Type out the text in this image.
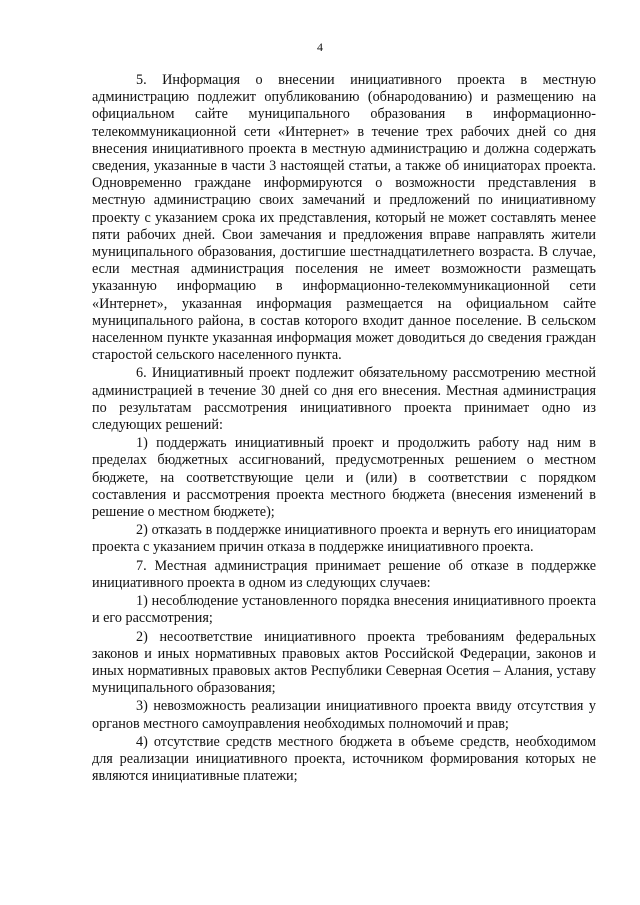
4

5. Информация о внесении инициативного проекта в местную администрацию подлежит опубликованию (обнародованию) и размещению на официальном сайте муниципального образования в информационно-телекоммуникационной сети «Интернет» в течение трех рабочих дней со дня внесения инициативного проекта в местную администрацию и должна содержать сведения, указанные в части 3 настоящей статьи, а также об инициаторах проекта. Одновременно граждане информируются о возможности представления в местную администрацию своих замечаний и предложений по инициативному проекту с указанием срока их представления, который не может составлять менее пяти рабочих дней. Свои замечания и предложения вправе направлять жители муниципального образования, достигшие шестнадцатилетнего возраста. В случае, если местная администрация поселения не имеет возможности размещать указанную информацию в информационно-телекоммуникационной сети «Интернет», указанная информация размещается на официальном сайте муниципального района, в состав которого входит данное поселение. В сельском населенном пункте указанная информация может доводиться до сведения граждан старостой сельского населенного пункта.

6. Инициативный проект подлежит обязательному рассмотрению местной администрацией в течение 30 дней со дня его внесения. Местная администрация по результатам рассмотрения инициативного проекта принимает одно из следующих решений:

1) поддержать инициативный проект и продолжить работу над ним в пределах бюджетных ассигнований, предусмотренных решением о местном бюджете, на соответствующие цели и (или) в соответствии с порядком составления и рассмотрения проекта местного бюджета (внесения изменений в решение о местном бюджете);

2) отказать в поддержке инициативного проекта и вернуть его инициаторам проекта с указанием причин отказа в поддержке инициативного проекта.

7. Местная администрация принимает решение об отказе в поддержке инициативного проекта в одном из следующих случаев:

1) несоблюдение установленного порядка внесения инициативного проекта и его рассмотрения;

2) несоответствие инициативного проекта требованиям федеральных законов и иных нормативных правовых актов Российской Федерации, законов и иных нормативных правовых актов Республики Северная Осетия – Алания, уставу муниципального образования;

3) невозможность реализации инициативного проекта ввиду отсутствия у органов местного самоуправления необходимых полномочий и прав;

4) отсутствие средств местного бюджета в объеме средств, необходимом для реализации инициативного проекта, источником формирования которых не являются инициативные платежи;
